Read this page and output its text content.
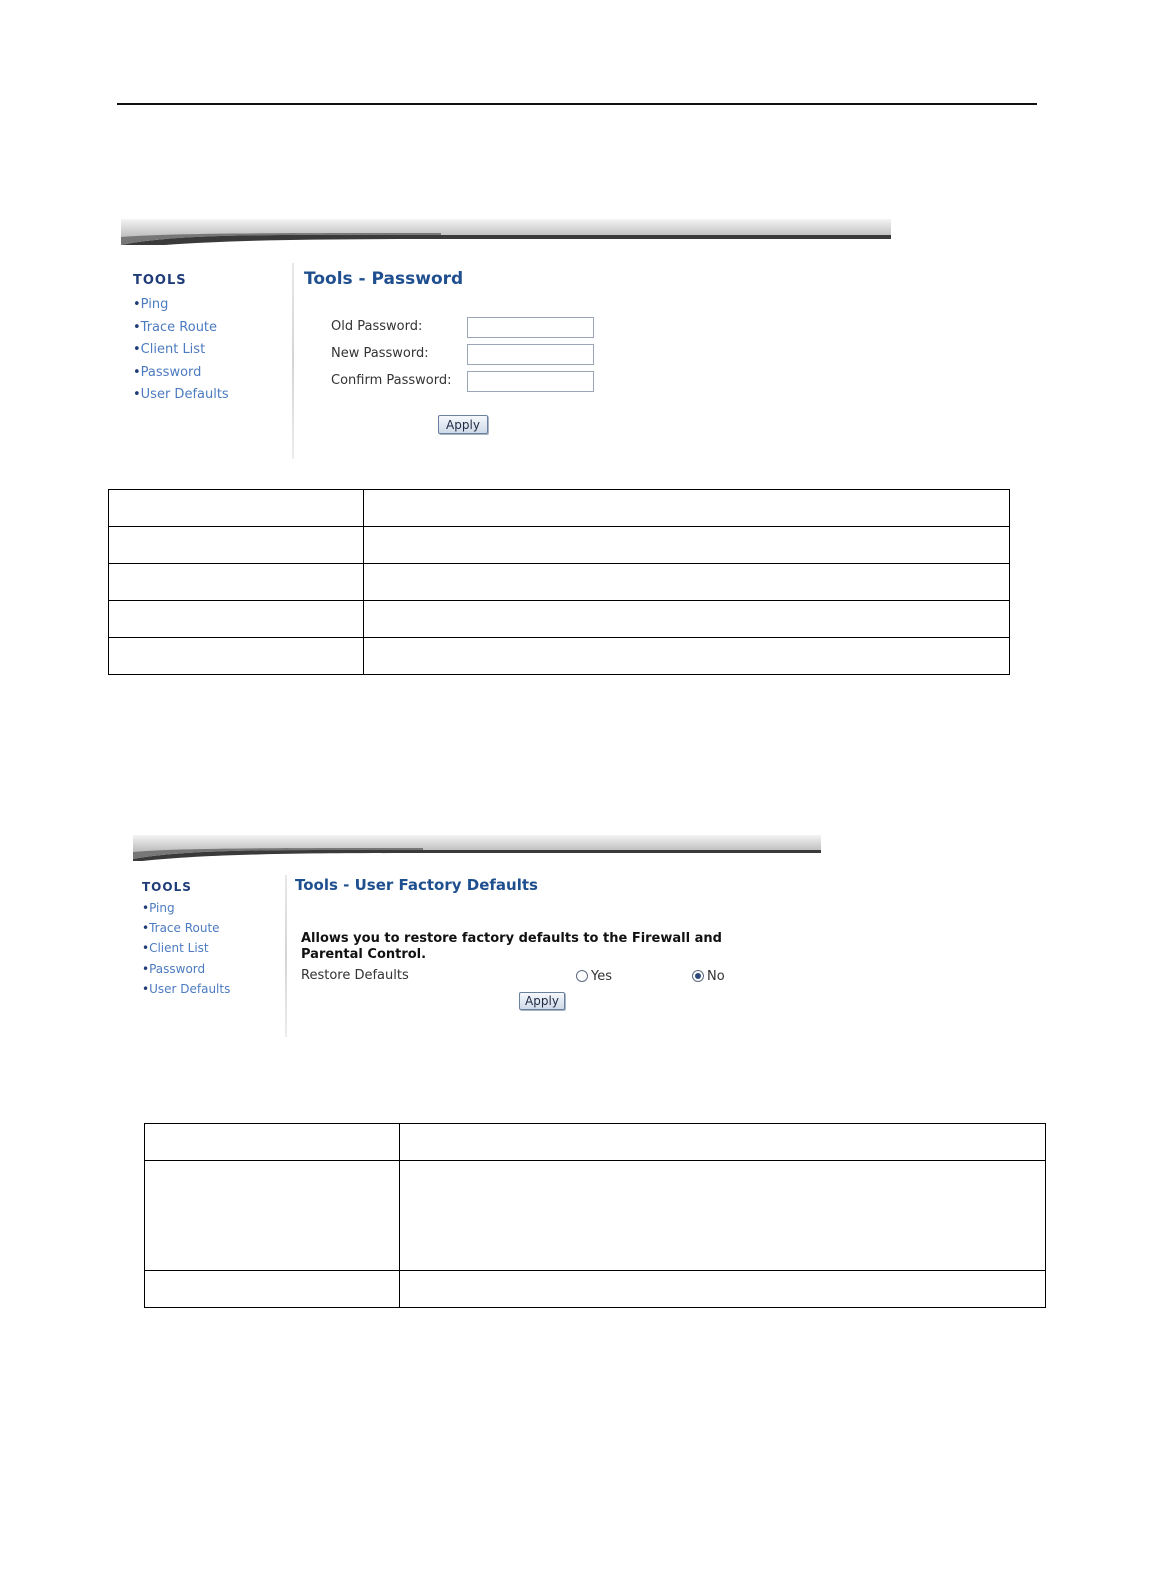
TOOLS
•Ping
•Trace Route
•Client List
•Password
•User Defaults
Tools - Password
Old Password:
New Password:
Confirm Password:
Apply

TOOLS
•Ping
•Trace Route
•Client List
•Password
•User Defaults
Tools - User Factory Defaults
Allows you to restore factory defaults to the Firewall and Parental Control.
Restore Defaults	Yes	No
Apply
